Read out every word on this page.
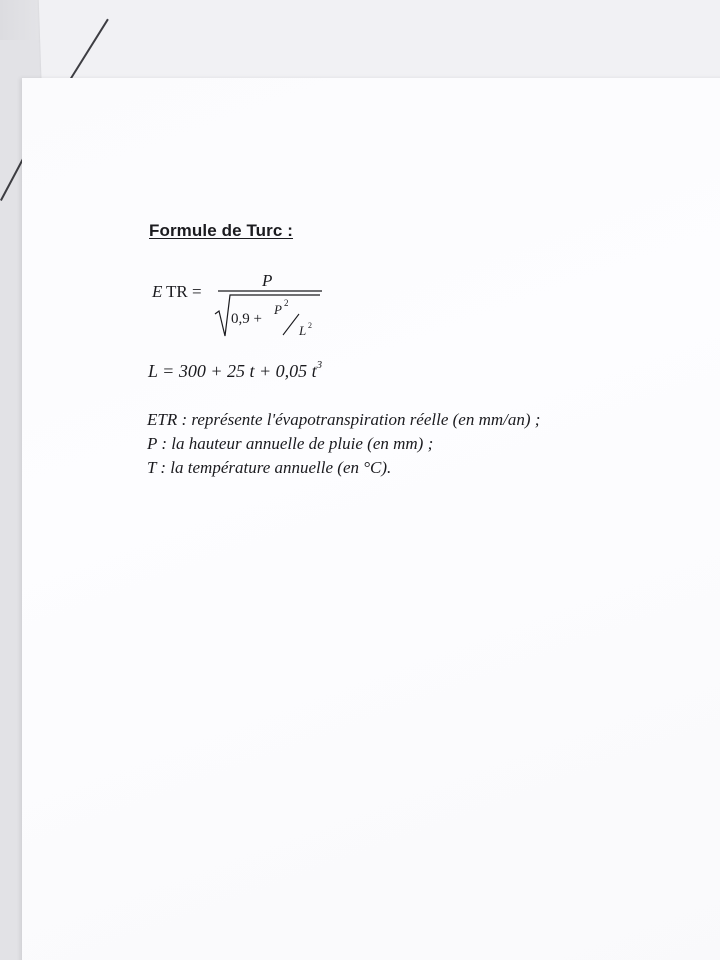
Formule de Turc :
E TR =
P
0,9 +
P 2
L 2
L = 300 + 25 t + 0,05 $t^3$
ETR : représente l'évapotranspiration réelle (en mm/an) ;
P : la hauteur annuelle de pluie (en mm) ;
T : la température annuelle (en °C).
